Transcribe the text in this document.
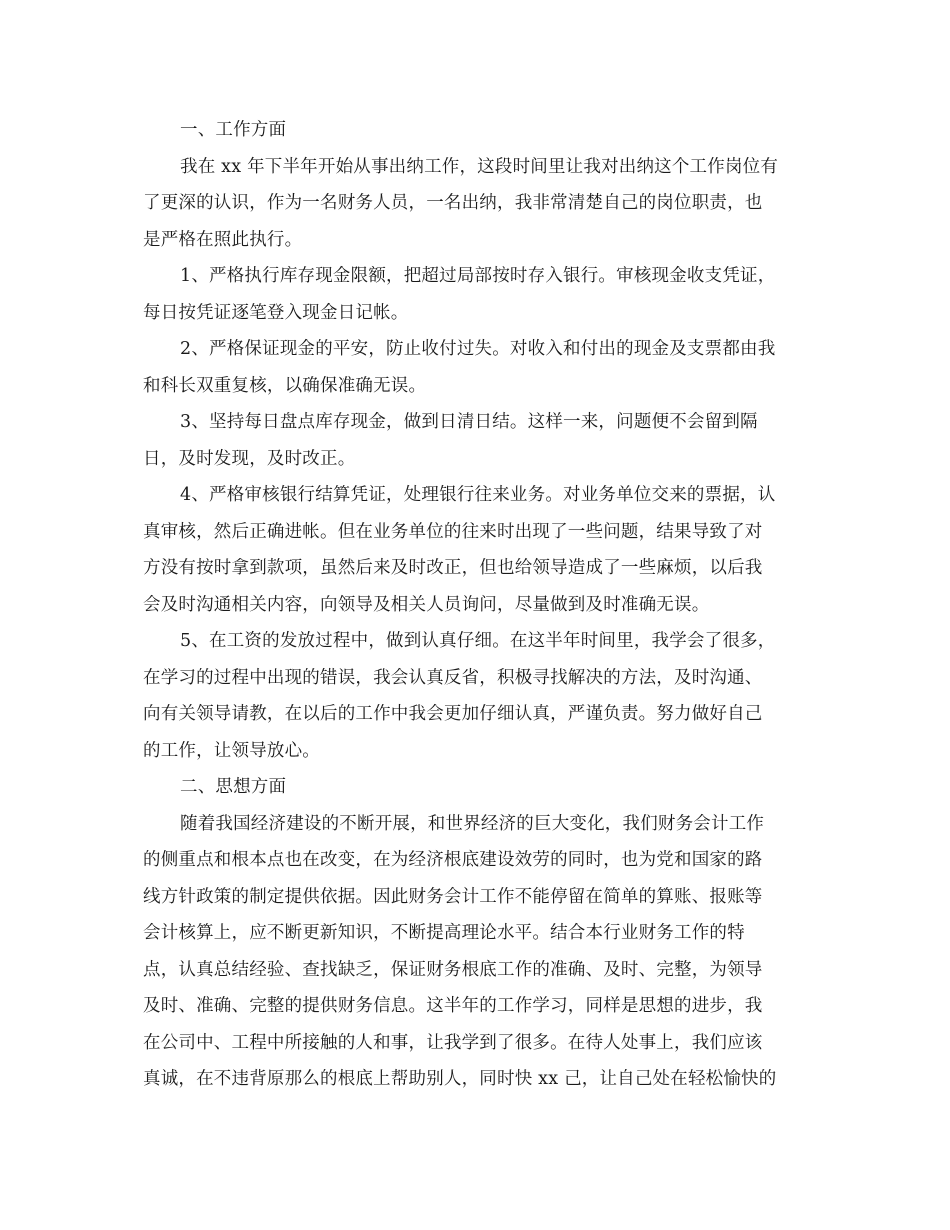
一、工作方面
我在 xx 年下半年开始从事出纳工作，这段时间里让我对出纳这个工作岗位有
了更深的认识，作为一名财务人员，一名出纳，我非常清楚自己的岗位职责，也
是严格在照此执行。
1、严格执行库存现金限额，把超过局部按时存入银行。审核现金收支凭证，
每日按凭证逐笔登入现金日记帐。
2、严格保证现金的平安，防止收付过失。对收入和付出的现金及支票都由我
和科长双重复核，以确保准确无误。
3、坚持每日盘点库存现金，做到日清日结。这样一来，问题便不会留到隔
日，及时发现，及时改正。
4、严格审核银行结算凭证，处理银行往来业务。对业务单位交来的票据，认
真审核，然后正确进帐。但在业务单位的往来时出现了一些问题，结果导致了对
方没有按时拿到款项，虽然后来及时改正，但也给领导造成了一些麻烦，以后我
会及时沟通相关内容，向领导及相关人员询问，尽量做到及时准确无误。
5、在工资的发放过程中，做到认真仔细。在这半年时间里，我学会了很多，
在学习的过程中出现的错误，我会认真反省，积极寻找解决的方法，及时沟通、
向有关领导请教，在以后的工作中我会更加仔细认真，严谨负责。努力做好自己
的工作，让领导放心。
二、思想方面
随着我国经济建设的不断开展，和世界经济的巨大变化，我们财务会计工作
的侧重点和根本点也在改变，在为经济根底建设效劳的同时，也为党和国家的路
线方针政策的制定提供依据。因此财务会计工作不能停留在简单的算账、报账等
会计核算上，应不断更新知识，不断提高理论水平。结合本行业财务工作的特
点，认真总结经验、查找缺乏，保证财务根底工作的准确、及时、完整，为领导
及时、准确、完整的提供财务信息。这半年的工作学习，同样是思想的进步，我
在公司中、工程中所接触的人和事，让我学到了很多。在待人处事上，我们应该
真诚，在不违背原那么的根底上帮助别人，同时快 xx 己，让自己处在轻松愉快的
